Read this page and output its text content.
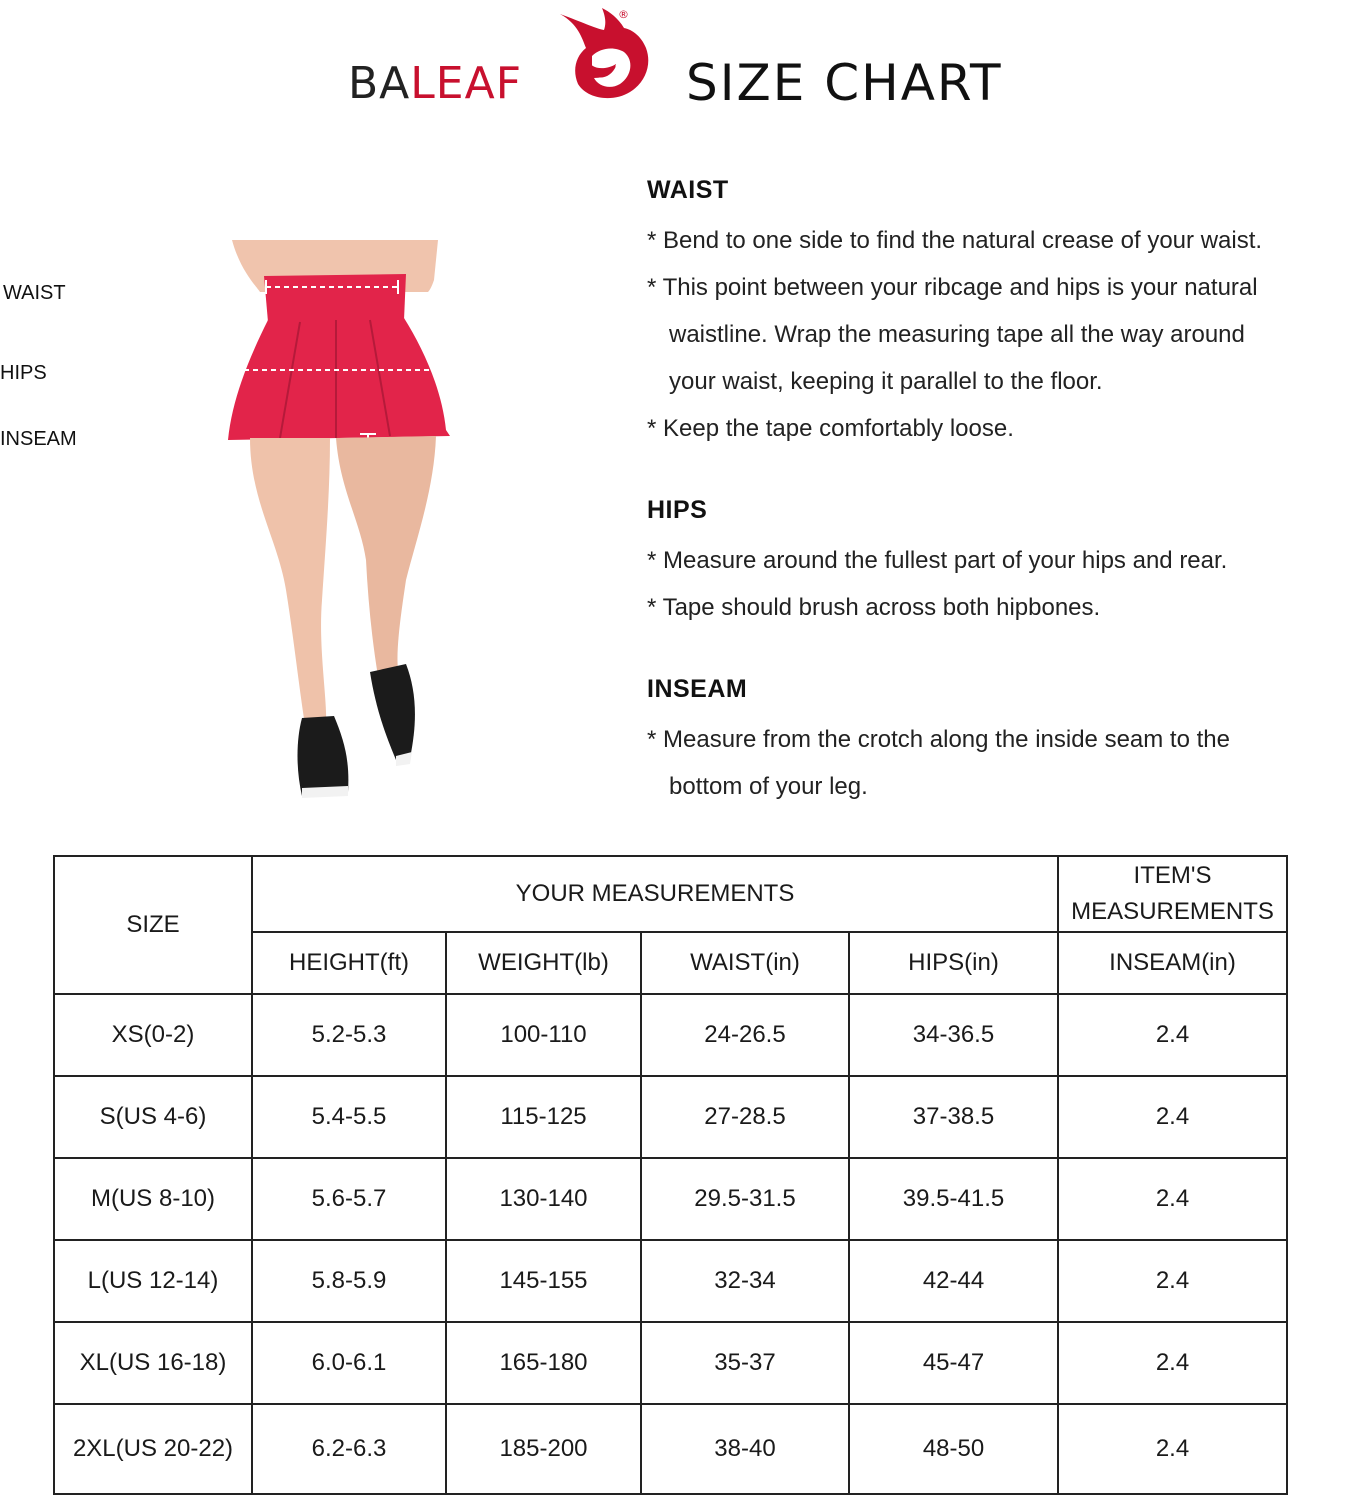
BALEAF
®
SIZE CHART
WAIST
HIPS
INSEAM

WAIST

* Bend to one side to find the natural crease of your waist.

* This point between your ribcage and hips is your natural

waistline. Wrap the measuring tape all the way around

your waist, keeping it parallel to the floor.

* Keep the tape comfortably loose.

HIPS

* Measure around the fullest part of your hips and rear.

* Tape should brush across both hipbones.

INSEAM

* Measure from the crotch along the inside seam to the

bottom of your leg.

SIZE	YOUR MEASUREMENTS				ITEM'S
MEASUREMENTS
	HEIGHT(ft)	WEIGHT(lb)	WAIST(in)	HIPS(in)	INSEAM(in)
XS(0-2)	5.2-5.3	100-110	24-26.5	34-36.5	2.4
S(US 4-6)	5.4-5.5	115-125	27-28.5	37-38.5	2.4
M(US 8-10)	5.6-5.7	130-140	29.5-31.5	39.5-41.5	2.4
L(US 12-14)	5.8-5.9	145-155	32-34	42-44	2.4
XL(US 16-18)	6.0-6.1	165-180	35-37	45-47	2.4
2XL(US 20-22)	6.2-6.3	185-200	38-40	48-50	2.4
